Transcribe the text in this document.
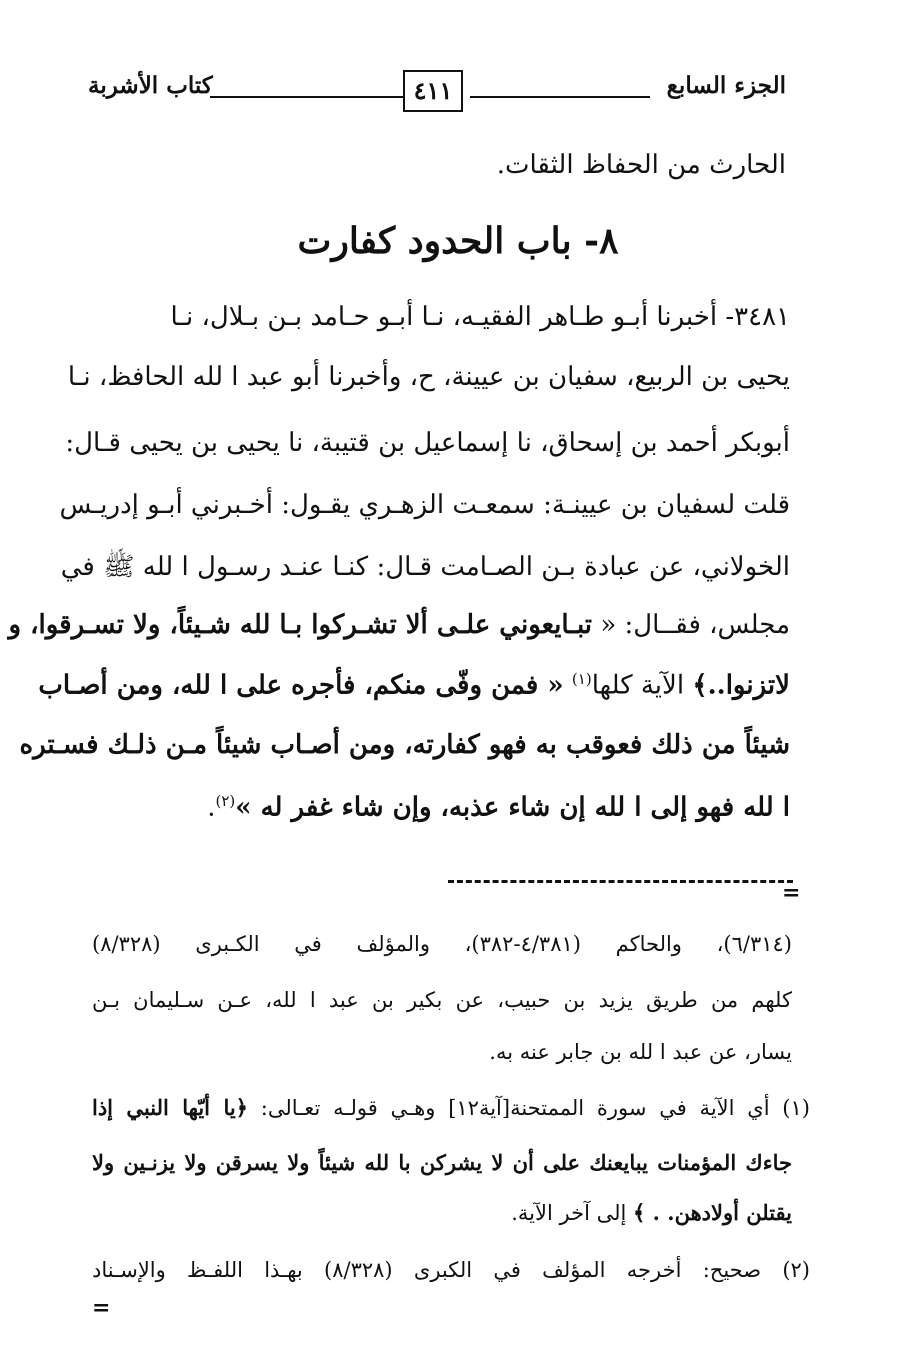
الجزء السابع
كتاب الأشربة	٤١١
الحارث من الحفاظ الثقات.
٨- باب الحدود كفارت
٣٤٨١- أخبرنا أبـو طـاهر الفقيـه، نـا أبـو حـامد بـن بـلال، نـا
يحيى بن الربيع، سفيان بن عيينة، ح، وأخبرنا أبو عبد ا لله الحافظ، نـا
أبوبكر أحمد بن إسحاق، نا إسماعيل بن قتيبة، نا يحيى بن يحيى قـال:
قلت لسفيان بن عيينـة: سمعـت الزهـري يقـول: أخـبرني أبـو إدريـس
الخولاني، عن عبادة بـن الصـامت قـال: كنـا عنـد رسـول ا لله ﷺ في
مجلس، فقــال: « تبـايعوني علـى ألا تشـركوا بـا لله شـيئاً، ولا تسـرقوا، و
لاتزنوا..﴾ الآية كلها$^{(١)}$ « فمن وفّى منكم، فأجره على ا لله، ومن أصـاب
شيئاً من ذلك فعوقب به فهو كفارته، ومن أصـاب شيئاً مـن ذلـك فسـتره
ا لله فهو إلى ا لله إن شاء عذبه، وإن شاء غفر له »$^{(٢)}$.
=
(٦/٣١٤)، والحاكم (٤/٣٨١-٣٨٢)، والمؤلف في الكـبرى (٨/٣٢٨)
كلهم من طريق يزيد بن حبيب، عن بكير بن عبد ا لله، عـن سـليمان بـن
يسار، عن عبد ا لله بن جابر عنه به.
(١) أي الآية في سورة الممتحنة[آية١٢] وهـي قولـه تعـالى: ﴿يا أيّها النبي إذا
جاءك المؤمنات يبايعنك على أن لا يشركن با لله شيئاً ولا يسرقن ولا يزنـين ولا
يقتلن أولادهن. . ﴾ إلى آخر الآية.
(٢) صحيح: أخرجه المؤلف في الكبرى (٨/٣٢٨) بهـذا اللفـظ والإسـناد
=
